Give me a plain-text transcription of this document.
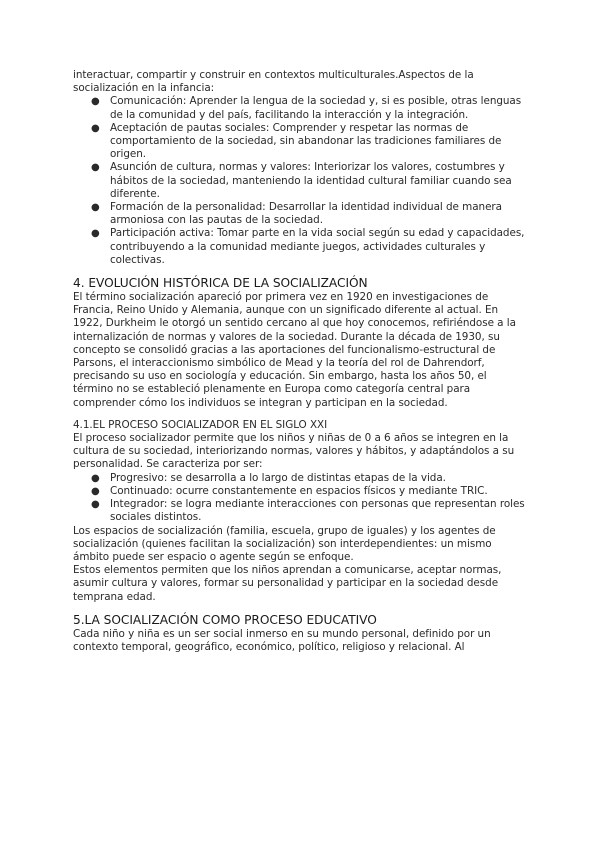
interactuar, compartir y construir en contextos multiculturales.Aspectos de la socialización en la infancia:

● Comunicación: Aprender la lengua de la sociedad y, si es posible, otras lenguas de la comunidad y del país, facilitando la interacción y la integración.
● Aceptación de pautas sociales: Comprender y respetar las normas de comportamiento de la sociedad, sin abandonar las tradiciones familiares de origen.
● Asunción de cultura, normas y valores: Interiorizar los valores, costumbres y hábitos de la sociedad, manteniendo la identidad cultural familiar cuando sea diferente.
● Formación de la personalidad: Desarrollar la identidad individual de manera armoniosa con las pautas de la sociedad.
● Participación activa: Tomar parte en la vida social según su edad y capacidades, contribuyendo a la comunidad mediante juegos, actividades culturales y colectivas.
4. EVOLUCIÓN HISTÓRICA DE LA SOCIALIZACIÓN

El término socialización apareció por primera vez en 1920 en investigaciones de Francia, Reino Unido y Alemania, aunque con un significado diferente al actual. En 1922, Durkheim le otorgó un sentido cercano al que hoy conocemos, refiriéndose a la internalización de normas y valores de la sociedad. Durante la década de 1930, su concepto se consolidó gracias a las aportaciones del funcionalismo-estructural de Parsons, el interaccionismo simbólico de Mead y la teoría del rol de Dahrendorf, precisando su uso en sociología y educación. Sin embargo, hasta los años 50, el término no se estableció plenamente en Europa como categoría central para comprender cómo los individuos se integran y participan en la sociedad.

4.1.EL PROCESO SOCIALIZADOR EN EL SIGLO XXI

El proceso socializador permite que los niños y niñas de 0 a 6 años se integren en la cultura de su sociedad, interiorizando normas, valores y hábitos, y adaptándolos a su personalidad. Se caracteriza por ser:

● Progresivo: se desarrolla a lo largo de distintas etapas de la vida.
● Continuado: ocurre constantemente en espacios físicos y mediante TRIC.
● Integrador: se logra mediante interacciones con personas que representan roles sociales distintos.

Los espacios de socialización (familia, escuela, grupo de iguales) y los agentes de socialización (quienes facilitan la socialización) son interdependientes: un mismo ámbito puede ser espacio o agente según se enfoque.

Estos elementos permiten que los niños aprendan a comunicarse, aceptar normas, asumir cultura y valores, formar su personalidad y participar en la sociedad desde temprana edad.

5.LA SOCIALIZACIÓN COMO PROCESO EDUCATIVO

Cada niño y niña es un ser social inmerso en su mundo personal, definido por un contexto temporal, geográfico, económico, político, religioso y relacional. Al
